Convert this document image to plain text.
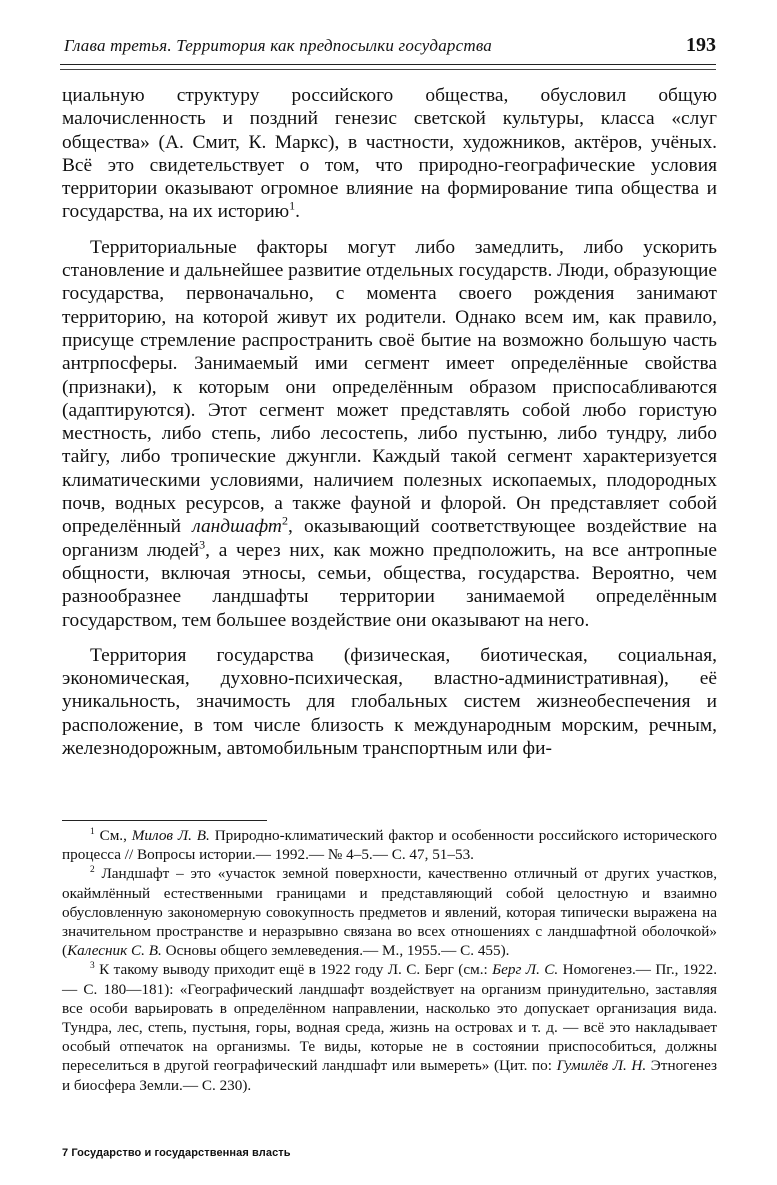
Глава третья. Территория как предпосылки государства	193

циальную структуру российского общества, обусловил общую малочисленность и поздний генезис светской культуры, класса «слуг общества» (А. Смит, К. Маркс), в частности, художников, актёров, учёных. Всё это свидетельствует о том, что природно-географические условия территории оказывают огромное влияние на формирование типа общества и государства, на их историю$^1$.

Территориальные факторы могут либо замедлить, либо ускорить становление и дальнейшее развитие отдельных государств. Люди, образующие государства, первоначально, с момента своего рождения занимают территорию, на которой живут их родители. Однако всем им, как правило, присуще стремление распространить своё бытие на возможно большую часть антрпосферы. Занимаемый ими сегмент имеет определённые свойства (признаки), к которым они определённым образом приспосабливаются (адаптируются). Этот сегмент может представлять собой любо гористую местность, либо степь, либо лесостепь, либо пустыню, либо тундру, либо тайгу, либо тропические джунгли. Каждый такой сегмент характеризуется климатическими условиями, наличием полезных ископаемых, плодородных почв, водных ресурсов, а также фауной и флорой. Он представляет собой определённый ландшафт$^2$, оказывающий соответствующее воздействие на организм людей$^3$, а через них, как можно предположить, на все антропные общности, включая этносы, семьи, общества, государства. Вероятно, чем разнообразнее ландшафты территории занимаемой определённым государством, тем большее воздействие они оказывают на него.

Территория государства (физическая, биотическая, социальная, экономическая, духовно-психическая, властно-административная), её уникальность, значимость для глобальных систем жизнеобеспечения и расположение, в том числе близость к международным морским, речным, железнодорожным, автомобильным транспортным или фи-

$^1$ См., Милов Л. В. Природно-климатический фактор и особенности российского исторического процесса // Вопросы истории.— 1992.— № 4–5.— С. 47, 51–53.

$^2$ Ландшафт – это «участок земной поверхности, качественно отличный от других участков, окаймлённый естественными границами и представляющий собой целостную и взаимно обусловленную закономерную совокупность предметов и явлений, которая типически выражена на значительном пространстве и неразрывно связана во всех отношениях с ландшафтной оболочкой» (Калесник С. В. Основы общего землеведения.— М., 1955.— С. 455).

$^3$ К такому выводу приходит ещё в 1922 году Л. С. Берг (см.: Берг Л. С. Номогенез.— Пг., 1922.— С. 180—181): «Географический ландшафт воздействует на организм принудительно, заставляя все особи варьировать в определённом направлении, насколько это допускает организация вида. Тундра, лес, степь, пустыня, горы, водная среда, жизнь на островах и т. д. — всё это накладывает особый отпечаток на организмы. Те виды, которые не в состоянии приспособиться, должны переселиться в другой географический ландшафт или вымереть» (Цит. по: Гумилёв Л. Н. Этногенез и биосфера Земли.— С. 230).

7 Государство и государственная власть
